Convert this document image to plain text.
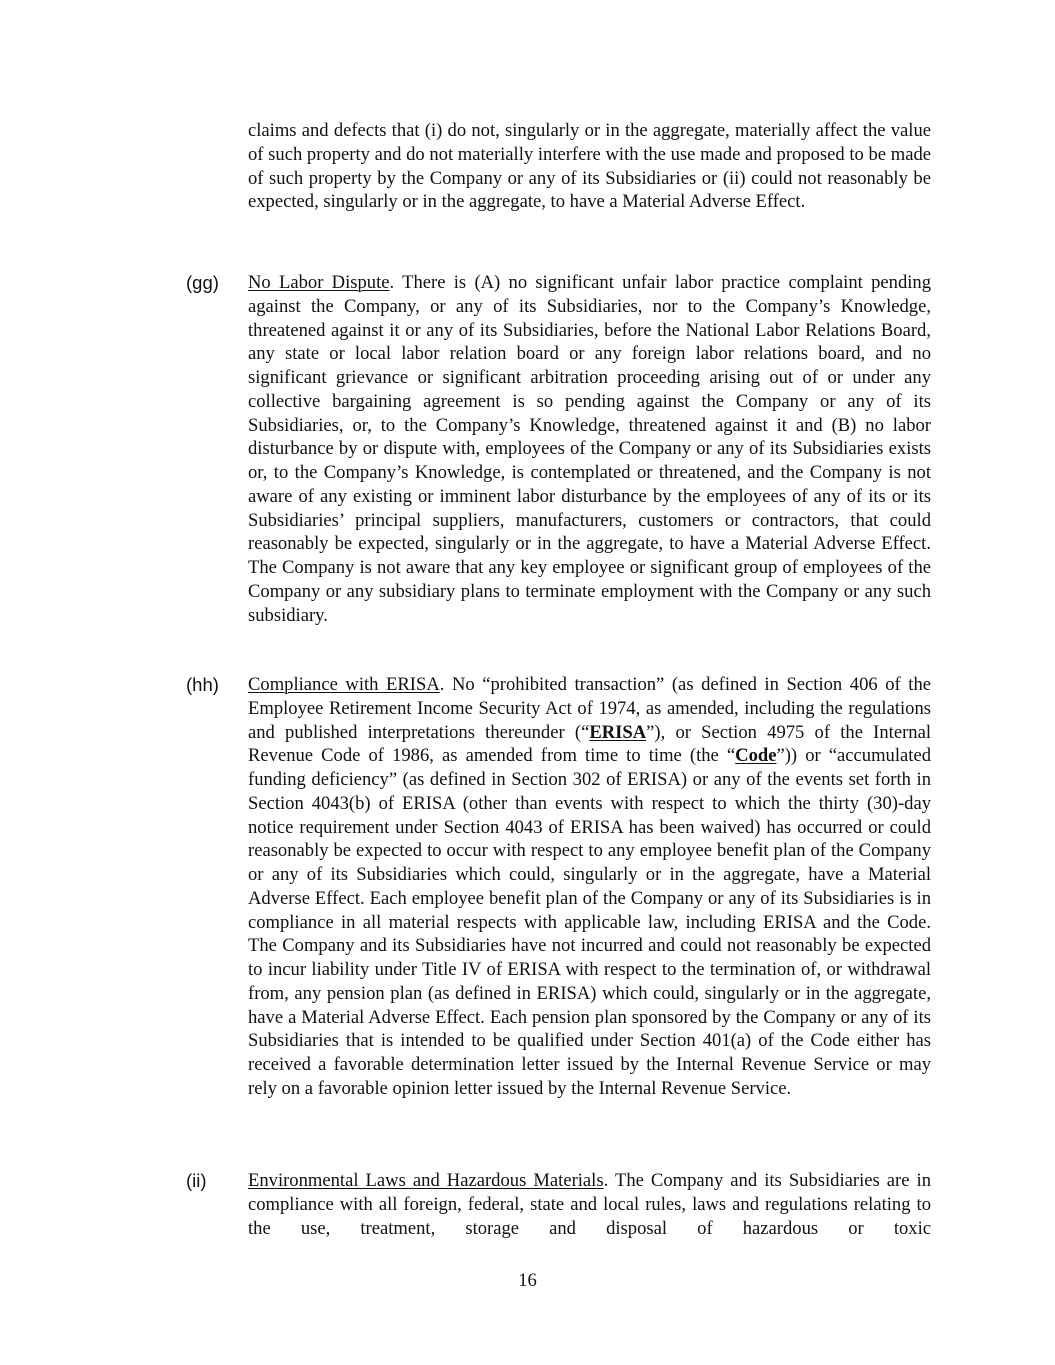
claims and defects that (i) do not, singularly or in the aggregate, materially affect the value of such property and do not materially interfere with the use made and proposed to be made of such property by the Company or any of its Subsidiaries or (ii) could not reasonably be expected, singularly or in the aggregate, to have a Material Adverse Effect.

(gg) No Labor Dispute. There is (A) no significant unfair labor practice complaint pending against the Company, or any of its Subsidiaries, nor to the Company’s Knowledge, threatened against it or any of its Subsidiaries, before the National Labor Relations Board, any state or local labor relation board or any foreign labor relations board, and no significant grievance or significant arbitration proceeding arising out of or under any collective bargaining agreement is so pending against the Company or any of its Subsidiaries, or, to the Company’s Knowledge, threatened against it and (B) no labor disturbance by or dispute with, employees of the Company or any of its Subsidiaries exists or, to the Company’s Knowledge, is contemplated or threatened, and the Company is not aware of any existing or imminent labor disturbance by the employees of any of its or its Subsidiaries’ principal suppliers, manufacturers, customers or contractors, that could reasonably be expected, singularly or in the aggregate, to have a Material Adverse Effect. The Company is not aware that any key employee or significant group of employees of the Company or any subsidiary plans to terminate employment with the Company or any such subsidiary.

(hh) Compliance with ERISA. No “prohibited transaction” (as defined in Section 406 of the Employee Retirement Income Security Act of 1974, as amended, including the regulations and published interpretations thereunder (“ERISA”), or Section 4975 of the Internal Revenue Code of 1986, as amended from time to time (the “Code”)) or “accumulated funding deficiency” (as defined in Section 302 of ERISA) or any of the events set forth in Section 4043(b) of ERISA (other than events with respect to which the thirty (30)-day notice requirement under Section 4043 of ERISA has been waived) has occurred or could reasonably be expected to occur with respect to any employee benefit plan of the Company or any of its Subsidiaries which could, singularly or in the aggregate, have a Material Adverse Effect. Each employee benefit plan of the Company or any of its Subsidiaries is in compliance in all material respects with applicable law, including ERISA and the Code. The Company and its Subsidiaries have not incurred and could not reasonably be expected to incur liability under Title IV of ERISA with respect to the termination of, or withdrawal from, any pension plan (as defined in ERISA) which could, singularly or in the aggregate, have a Material Adverse Effect. Each pension plan sponsored by the Company or any of its Subsidiaries that is intended to be qualified under Section 401(a) of the Code either has received a favorable determination letter issued by the Internal Revenue Service or may rely on a favorable opinion letter issued by the Internal Revenue Service.

(ii) Environmental Laws and Hazardous Materials. The Company and its Subsidiaries are in compliance with all foreign, federal, state and local rules, laws and regulations relating to the use, treatment, storage and disposal of hazardous or toxic

16
